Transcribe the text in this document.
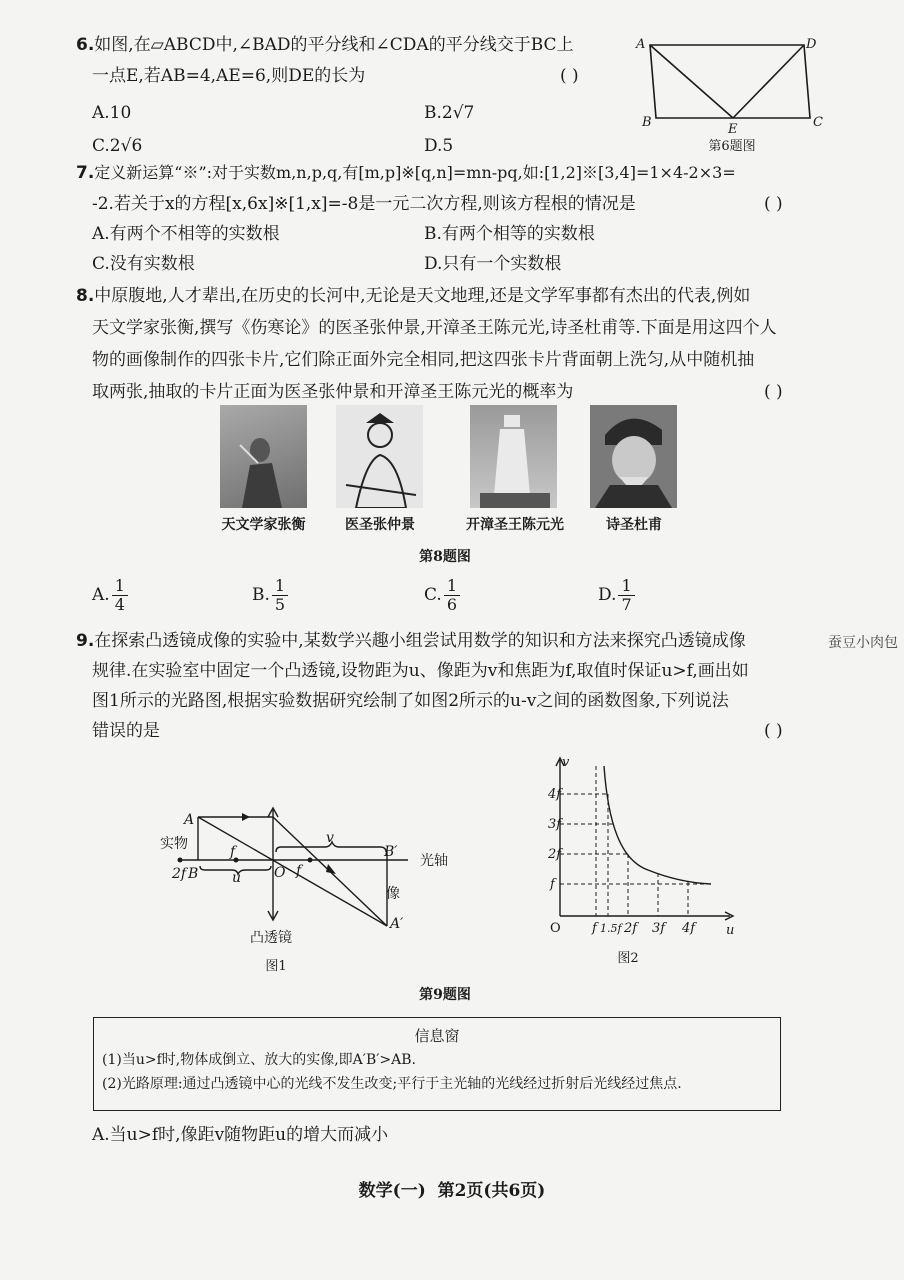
6.如图,在▱ABCD中,∠BAD的平分线和∠CDA的平分线交于BC上
一点E,若AB=4,AE=6,则DE的长为	( )
A.10	B.2√7
C.2√6	D.5
A	D
B	C
E
第6题图
7.定义新运算“※”:对于实数m,n,p,q,有[m,p]※[q,n]=mn-pq,如:[1,2]※[3,4]=1×4-2×3=
-2.若关于x的方程[x,6x]※[1,x]=-8是一元二次方程,则该方程根的情况是	( )
A.有两个不相等的实数根	B.有两个相等的实数根
C.没有实数根	D.只有一个实数根
8.中原腹地,人才辈出,在历史的长河中,无论是天文地理,还是文学军事都有杰出的代表,例如
天文学家张衡,撰写《伤寒论》的医圣张仲景,开漳圣王陈元光,诗圣杜甫等.下面是用这四个人
物的画像制作的四张卡片,它们除正面外完全相同,把这四张卡片背面朝上洗匀,从中随机抽
取两张,抽取的卡片正面为医圣张仲景和开漳圣王陈元光的概率为	( )
天文学家张衡	医圣张仲景	开漳圣王陈元光	诗圣杜甫
第8题图
A. $\frac{1}{4}$	B. $\frac{1}{5}$	C. $\frac{1}{6}$	D. $\frac{1}{7}$
9.在探索凸透镜成像的实验中,某数学兴趣小组尝试用数学的知识和方法来探究凸透镜成像	蚕豆小肉包
规律.在实验室中固定一个凸透镜,设物距为u、像距为v和焦距为f,取值时保证u>f,画出如
图1所示的光路图,根据实验数据研究绘制了如图2所示的u-v之间的函数图象,下列说法
错误的是	( )
A
实物
2f B
f
u O f
v
B′
光轴
像
A′
凸透镜
图1
v
u
O
4f
3f
2f
f
f 1.5f 2f 3f 4f
图2
第9题图
信息窗
(1)当u>f时,物体成倒立、放大的实像,即A′B′>AB.
(2)光路原理:通过凸透镜中心的光线不发生改变;平行于主光轴的光线经过折射后光线经过焦点.
A.当u>f时,像距v随物距u的增大而减小
数学(一)  第2页(共6页)
